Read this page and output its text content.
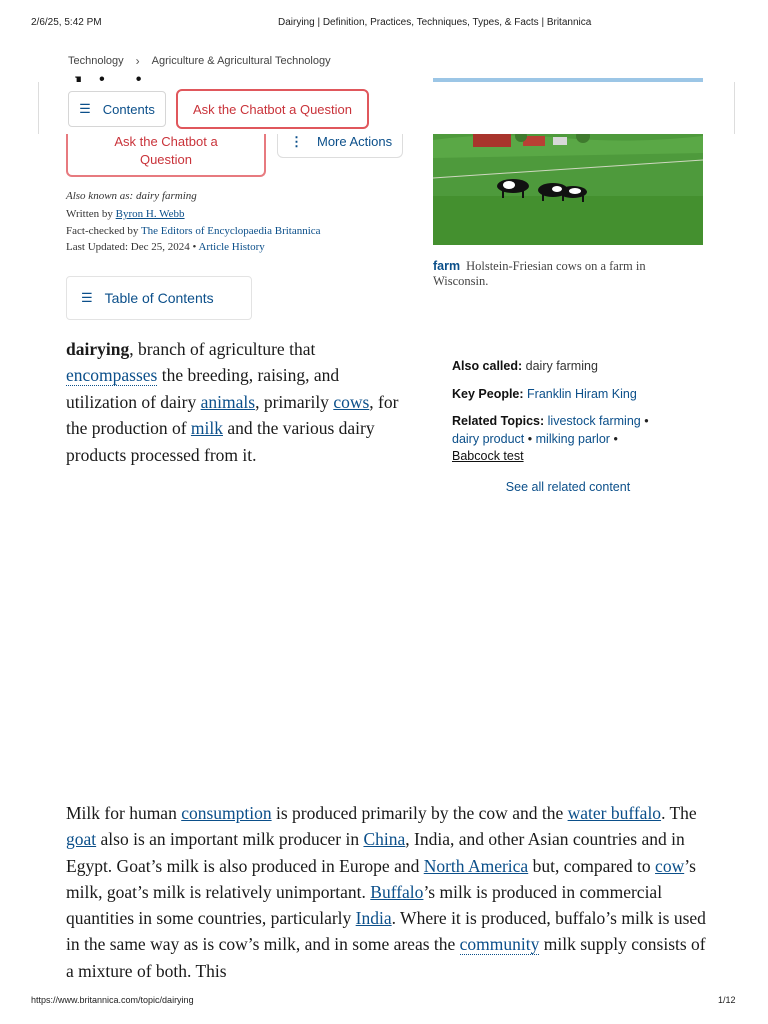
2/6/25, 5:42 PM	Dairying | Definition, Practices, Techniques, Types, & Facts | Britannica
https://www.britannica.com/topic/dairying	1/12
Technology › Agriculture & Agricultural Technology
Ask the Chatbot a Question
⋮ More Actions
☰ Contents	Ask the Chatbot a Question
farm Holstein-Friesian cows on a farm in Wisconsin.
Also known as: dairy farming
Written by Byron H. Webb
Fact-checked by The Editors of Encyclopaedia Britannica
Last Updated: Dec 25, 2024 • Article History
☰ Table of Contents

dairying, branch of agriculture that encompasses the breeding, raising, and utilization of dairy animals, primarily cows, for the production of milk and the various dairy products processed from it.

Also called: dairy farming
Key People: Franklin Hiram King
Related Topics: livestock farming •
dairy product • milking parlor •
Babcock test
See all related content

Milk for human consumption is produced primarily by the cow and the water buffalo. The goat also is an important milk producer in China, India, and other Asian countries and in Egypt. Goat’s milk is also produced in Europe and North America but, compared to cow’s milk, goat’s milk is relatively unimportant. Buffalo’s milk is produced in commercial quantities in some countries, particularly India. Where it is produced, buffalo’s milk is used in the same way as is cow’s milk, and in some areas the community milk supply consists of a mixture of both. This
